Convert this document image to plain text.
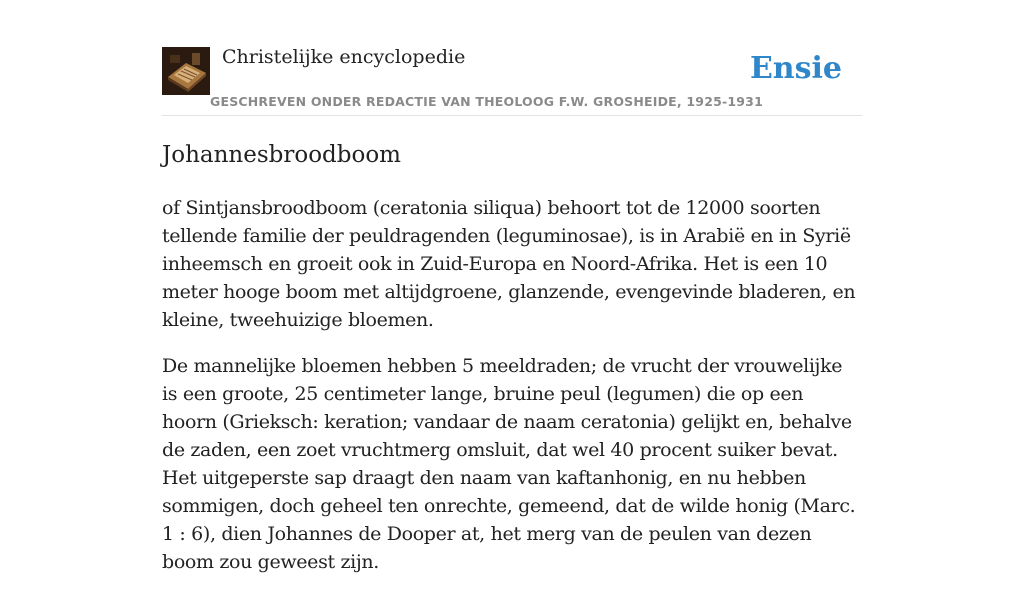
Christelijke encyclopedie
GESCHREVEN ONDER REDACTIE VAN THEOLOOG F.W. GROSHEIDE, 1925-1931
Ensie
Johannesbroodboom

of Sintjansbroodboom (ceratonia siliqua) behoort tot de 12000 soorten tellende familie der peuldragenden (leguminosae), is in Arabië en in Syrië inheemsch en groeit ook in Zuid-Europa en Noord-Afrika. Het is een 10 meter hooge boom met altijdgroene, glanzende, evengevinde bladeren, en kleine, tweehuizige bloemen.

De mannelijke bloemen hebben 5 meeldraden; de vrucht der vrouwelijke is een groote, 25 centimeter lange, bruine peul (legumen) die op een hoorn (Grieksch: keration; vandaar de naam ceratonia) gelijkt en, behalve de zaden, een zoet vruchtmerg omsluit, dat wel 40 procent suiker bevat. Het uitgeperste sap draagt den naam van kaftanhonig, en nu hebben sommigen, doch geheel ten onrechte, gemeend, dat de wilde honig (Marc. 1 : 6), dien Johannes de Dooper at, het merg van de peulen van dezen boom zou geweest zijn.
